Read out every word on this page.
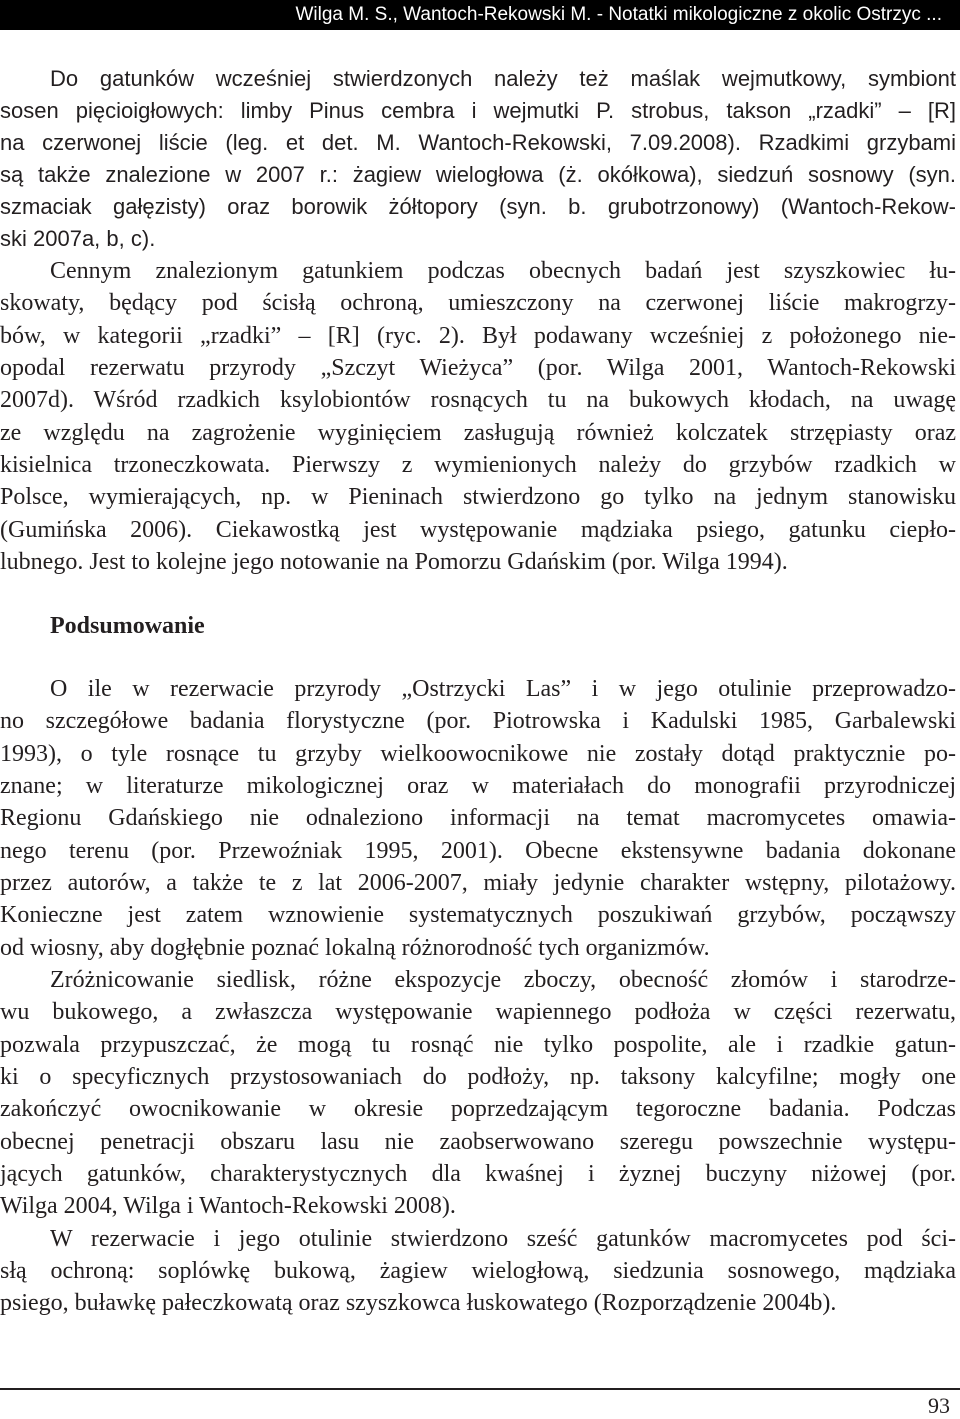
Wilga M. S., Wantoch-Rekowski M. - Notatki mikologiczne z okolic Ostrzyc ...
Do gatunków wcześniej stwierdzonych należy też maślak wejmutkowy, symbiont
sosen pięcioigłowych: limby Pinus cembra i wejmutki P. strobus, takson „rzadki” – [R]
na czerwonej liście (leg. et det. M. Wantoch-Rekowski, 7.09.2008). Rzadkimi grzybami
są także znalezione w 2007 r.: żagiew wielogłowa (ż. okółkowa), siedzuń sosnowy (syn.
szmaciak gałęzisty) oraz borowik żółtopory (syn. b. grubotrzonowy) (Wantoch-Rekow-
ski 2007a, b, c).
Cennym znalezionym gatunkiem podczas obecnych badań jest szyszkowiec łu-
skowaty, będący pod ścisłą ochroną, umieszczony na czerwonej liście makrogrzy-
bów, w kategorii „rzadki” – [R] (ryc. 2). Był podawany wcześniej z położonego nie-
opodal rezerwatu przyrody „Szczyt Wieżyca” (por. Wilga 2001, Wantoch-Rekowski
2007d). Wśród rzadkich ksylobiontów rosnących tu na bukowych kłodach, na uwagę
ze względu na zagrożenie wyginięciem zasługują również kolczatek strzępiasty oraz
kisielnica trzoneczkowata. Pierwszy z wymienionych należy do grzybów rzadkich w
Polsce, wymierających, np. w Pieninach stwierdzono go tylko na jednym stanowisku
(Gumińska 2006). Ciekawostką jest występowanie mądziaka psiego, gatunku ciepło-
lubnego. Jest to kolejne jego notowanie na Pomorzu Gdańskim (por. Wilga 1994).
Podsumowanie
O ile w rezerwacie przyrody „Ostrzycki Las” i w jego otulinie przeprowadzo-
no szczegółowe badania florystyczne (por. Piotrowska i Kadulski 1985, Garbalewski
1993), o tyle rosnące tu grzyby wielkoowocnikowe nie zostały dotąd praktycznie po-
znane; w literaturze mikologicznej oraz w materiałach do monografii przyrodniczej
Regionu Gdańskiego nie odnaleziono informacji na temat macromycetes omawia-
nego terenu (por. Przewoźniak 1995, 2001). Obecne ekstensywne badania dokonane
przez autorów, a także te z lat 2006-2007, miały jedynie charakter wstępny, pilotażowy.
Konieczne jest zatem wznowienie systematycznych poszukiwań grzybów, począwszy
od wiosny, aby dogłębnie poznać lokalną różnorodność tych organizmów.
Zróżnicowanie siedlisk, różne ekspozycje zboczy, obecność złomów i starodrze-
wu bukowego, a zwłaszcza występowanie wapiennego podłoża w części rezerwatu,
pozwala przypuszczać, że mogą tu rosnąć nie tylko pospolite, ale i rzadkie gatun-
ki o specyficznych przystosowaniach do podłoży, np. taksony kalcyfilne; mogły one
zakończyć owocnikowanie w okresie poprzedzającym tegoroczne badania. Podczas
obecnej penetracji obszaru lasu nie zaobserwowano szeregu powszechnie występu-
jących gatunków, charakterystycznych dla kwaśnej i żyznej buczyny niżowej (por.
Wilga 2004, Wilga i Wantoch-Rekowski 2008).
W rezerwacie i jego otulinie stwierdzono sześć gatunków macromycetes pod ści-
słą ochroną: soplówkę bukową, żagiew wielogłową, siedzunia sosnowego, mądziaka
psiego, buławkę pałeczkowatą oraz szyszkowca łuskowatego (Rozporządzenie 2004b).
93
